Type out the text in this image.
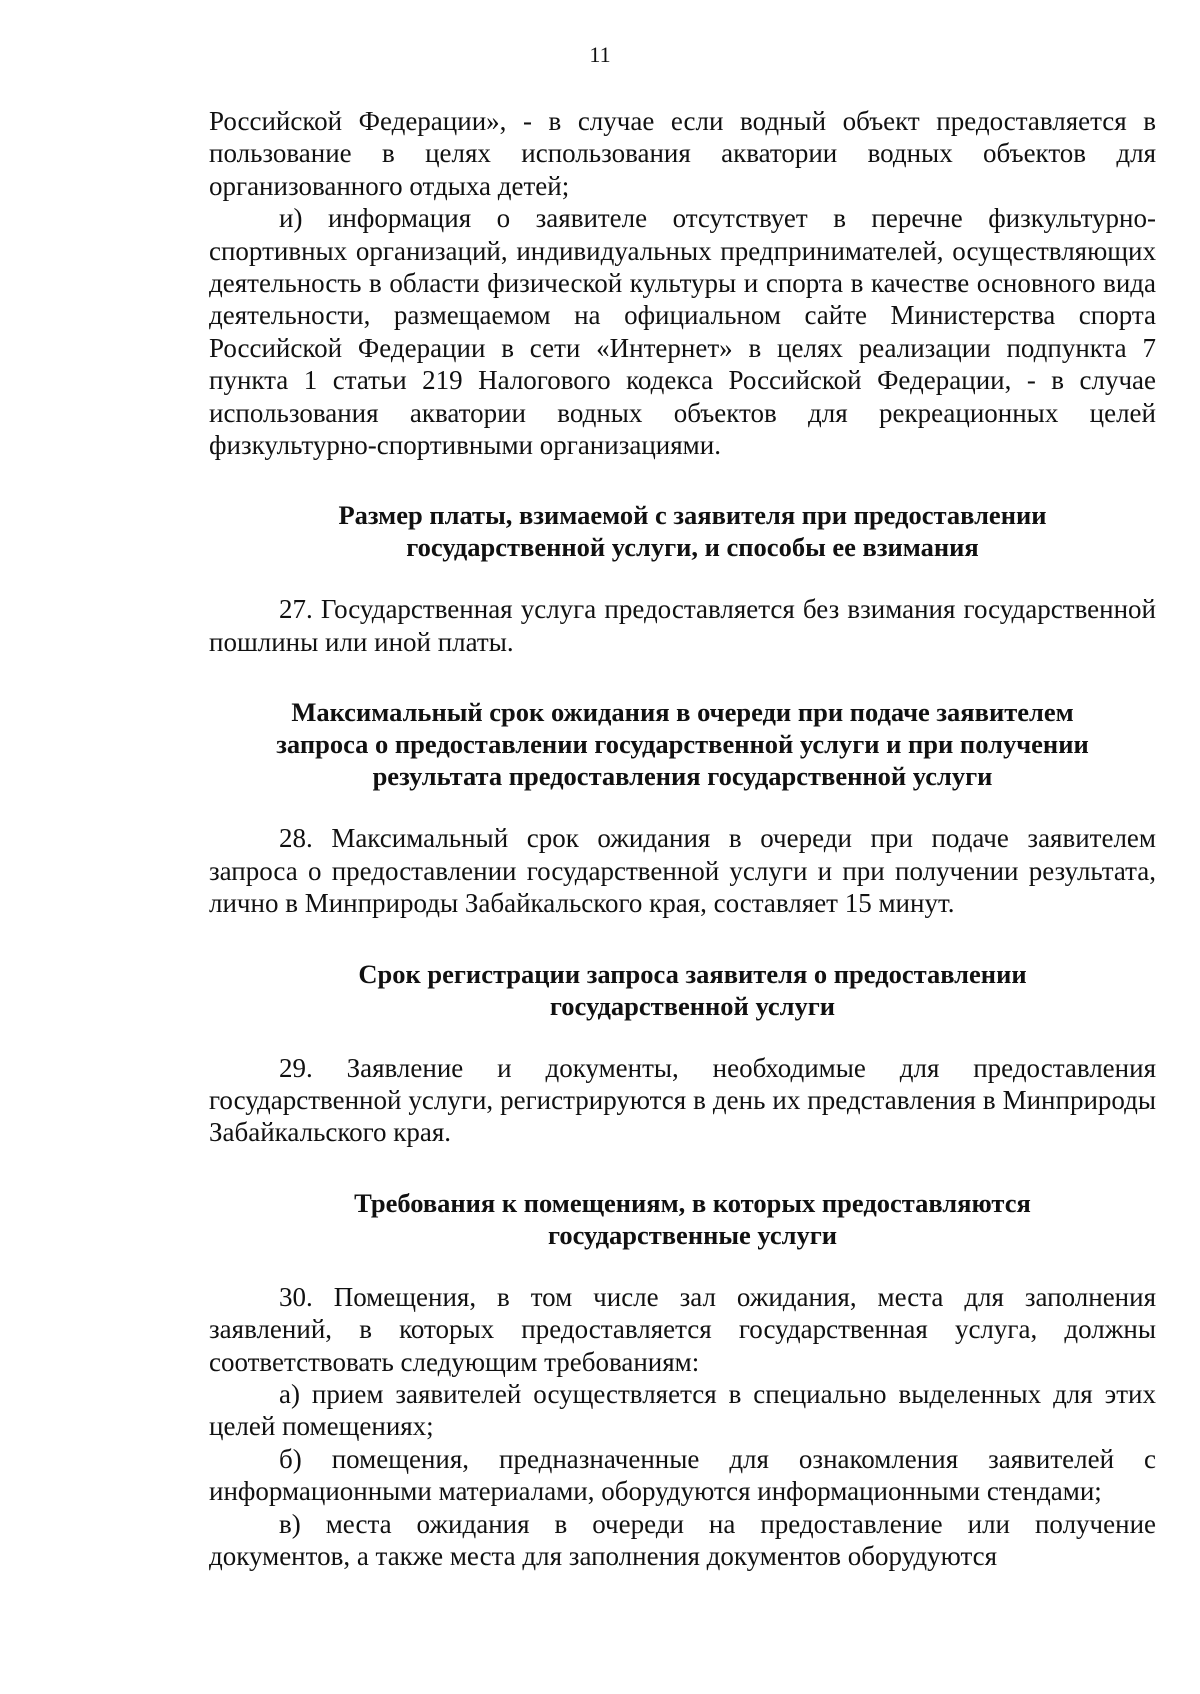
11

Российской Федерации», - в случае если водный объект предоставляется в пользование в целях использования акватории водных объектов для организованного отдыха детей;

и) информация о заявителе отсутствует в перечне физкультурно-спортивных организаций, индивидуальных предпринимателей, осуществляющих деятельность в области физической культуры и спорта в качестве основного вида деятельности, размещаемом на официальном сайте Министерства спорта Российской Федерации в сети «Интернет» в целях реализации подпункта 7 пункта 1 статьи 219 Налогового кодекса Российской Федерации, - в случае использования акватории водных объектов для рекреационных целей физкультурно-спортивными организациями.

Размер платы, взимаемой с заявителя при предоставлении
государственной услуги, и способы ее взимания

27. Государственная услуга предоставляется без взимания государственной пошлины или иной платы.

Максимальный срок ожидания в очереди при подаче заявителем
запроса о предоставлении государственной услуги и при получении
результата предоставления государственной услуги

28. Максимальный срок ожидания в очереди при подаче заявителем запроса о предоставлении государственной услуги и при получении результата, лично в Минприроды Забайкальского края, составляет 15 минут.

Срок регистрации запроса заявителя о предоставлении
государственной услуги

29. Заявление и документы, необходимые для предоставления государственной услуги, регистрируются в день их представления в Минприроды Забайкальского края.

Требования к помещениям, в которых предоставляются
государственные услуги

30. Помещения, в том числе зал ожидания, места для заполнения заявлений, в которых предоставляется государственная услуга, должны соответствовать следующим требованиям:

а) прием заявителей осуществляется в специально выделенных для этих целей помещениях;

б) помещения, предназначенные для ознакомления заявителей с информационными материалами, оборудуются информационными стендами;

в) места ожидания в очереди на предоставление или получение документов, а также места для заполнения документов оборудуются
